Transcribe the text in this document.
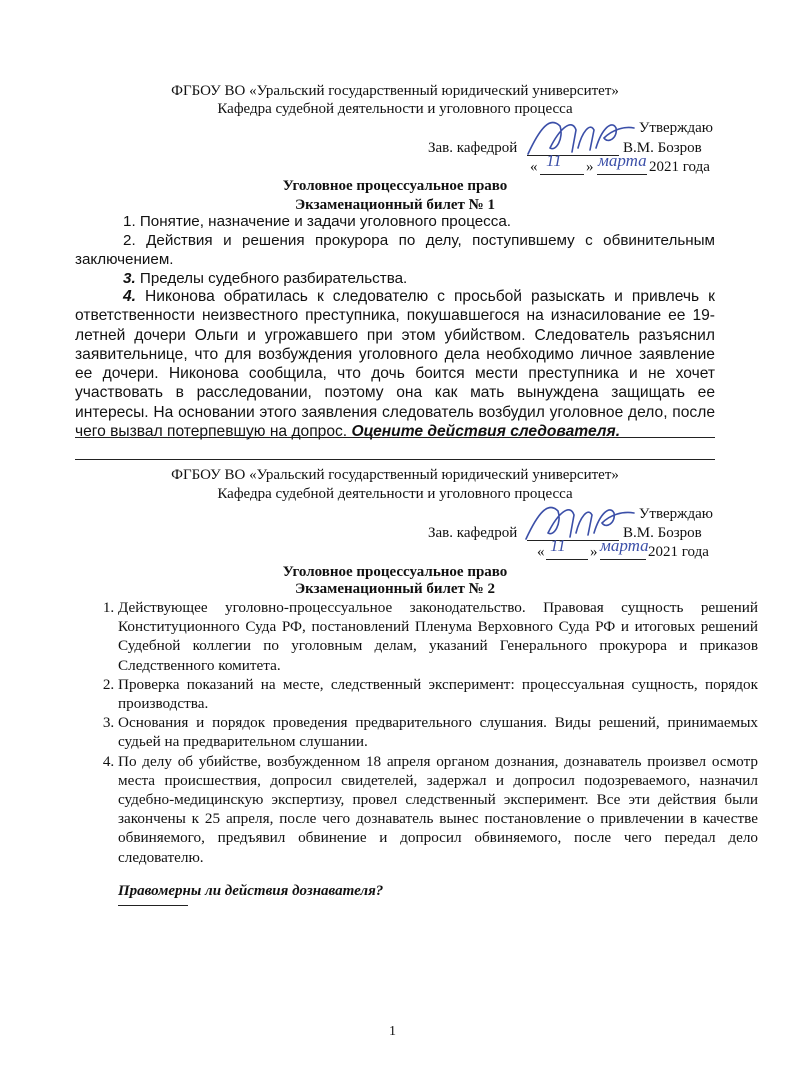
ФГБОУ ВО «Уральский государственный юридический университет»
Кафедра судебной деятельности и уголовного процесса
Утверждаю
Зав. кафедрой	В.М. Бозров
«	»	2021 года
11 марта
Уголовное процессуальное право
Экзаменационный билет № 1

1. Понятие, назначение и задачи уголовного процесса.

2. Действия и решения прокурора по делу, поступившему с обвинительным заключением.

3. Пределы судебного разбирательства.

4. Никонова обратилась к следователю с просьбой разыскать и привлечь к ответственности неизвестного преступника, покушавшегося на изнасилование ее 19-летней дочери Ольги и угрожавшего при этом убийством. Следователь разъяснил заявительнице, что для возбуждения уголовного дела необходимо личное заявление ее дочери. Никонова сообщила, что дочь боится мести преступника и не хочет участвовать в расследовании, поэтому она как мать вынуждена защищать ее интересы. На основании этого заявления следователь возбудил уголовное дело, после чего вызвал потерпевшую на допрос. Оцените действия следователя.

ФГБОУ ВО «Уральский государственный юридический университет»
Кафедра судебной деятельности и уголовного процесса
Утверждаю
Зав. кафедрой	В.М. Бозров
«	»	2021 года
11 марта
Уголовное процессуальное право
Экзаменационный билет № 2
1. Действующее уголовно-процессуальное законодательство. Правовая сущность решений Конституционного Суда РФ, постановлений Пленума Верховного Суда РФ и итоговых решений Судебной коллегии по уголовным делам, указаний Генерального прокурора и приказов Следственного комитета.
2. Проверка показаний на месте, следственный эксперимент: процессуальная сущность, порядок производства.
3. Основания и порядок проведения предварительного слушания. Виды решений, принимаемых судьей на предварительном слушании.
4. По делу об убийстве, возбужденном 18 апреля органом дознания, дознаватель произвел осмотр места происшествия, допросил свидетелей, задержал и допросил подозреваемого, назначил судебно-медицинскую экспертизу, провел следственный эксперимент. Все эти действия были закончены к 25 апреля, после чего дознаватель вынес постановление о привлечении в качестве обвиняемого, предъявил обвинение и допросил обвиняемого, после чего передал дело следователю.
Правомерны ли действия дознавателя?
1
